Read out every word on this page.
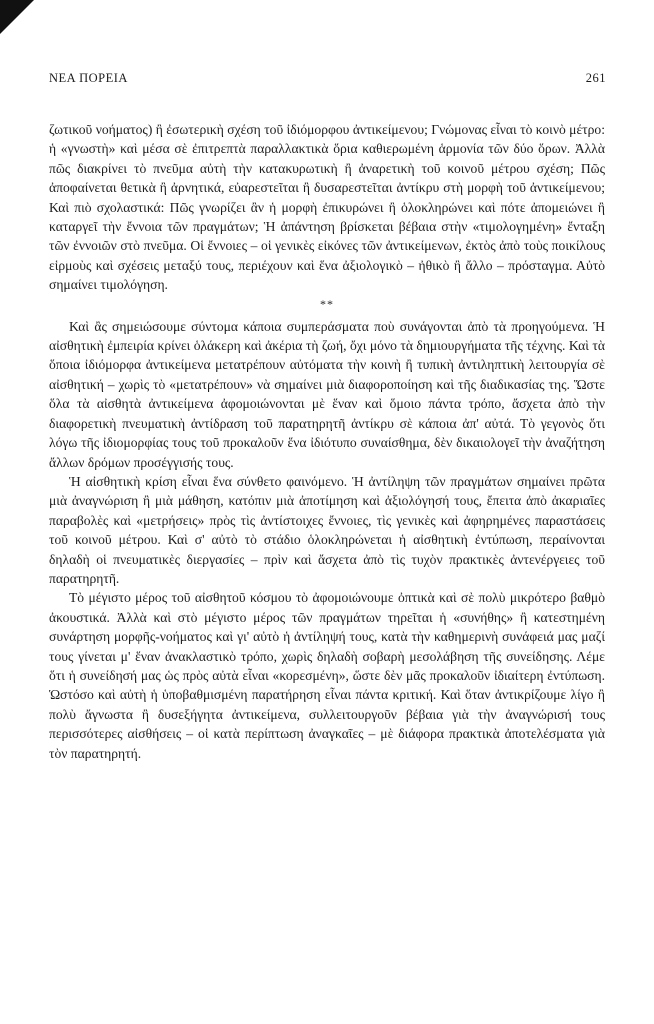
ΝΕΑ ΠΟΡΕΙΑ	261

ζωτικοῦ νοήματος) ἢ ἐσωτερικὴ σχέση τοῦ ἰδιόμορφου ἀντικείμενου; Γνώμονας εἶναι τὸ κοινὸ μέτρο: ἡ «γνωστὴ» καὶ μέσα σὲ ἐπιτρεπτὰ παραλλακτικὰ ὅρια καθιερωμένη ἁρμονία τῶν δύο ὅρων. Ἀλλὰ πῶς διακρίνει τὸ πνεῦμα αὐτὴ τὴν κατακυρωτικὴ ἢ ἀναρετικὴ τοῦ κοινοῦ μέτρου σχέση; Πῶς ἀποφαίνεται θετικὰ ἢ ἀρνητικά, εὐαρεστεῖται ἢ δυσαρεστεῖται ἀντίκρυ στὴ μορφὴ τοῦ ἀντικείμενου; Καὶ πιὸ σχολαστικά: Πῶς γνωρίζει ἂν ἡ μορφὴ ἐπικυρώνει ἢ ὁλοκληρώνει καὶ πότε ἀπομειώνει ἢ καταργεῖ τὴν ἔννοια τῶν πραγμάτων; Ἡ ἀπάντηση βρίσκεται βέβαια στὴν «τιμολογημένη» ἔνταξη τῶν ἐννοιῶν στὸ πνεῦμα. Οἱ ἔννοιες – οἱ γενικὲς εἰκόνες τῶν ἀντικείμενων, ἐκτὸς ἀπὸ τοὺς ποικίλους εἱρμοὺς καὶ σχέσεις μεταξύ τους, περιέχουν καὶ ἕνα ἀξιολογικὸ – ἠθικὸ ἢ ἄλλο – πρόσταγμα. Αὐτὸ σημαίνει τιμολόγηση.

**

Καὶ ἂς σημειώσουμε σύντομα κάποια συμπεράσματα ποὺ συνάγονται ἀπὸ τὰ προηγούμενα. Ἡ αἰσθητικὴ ἐμπειρία κρίνει ὁλάκερη καὶ ἀκέρια τὴ ζωή, ὄχι μόνο τὰ δημιουργήματα τῆς τέχνης. Καὶ τὰ ὅποια ἰδιόμορφα ἀντικείμενα μετατρέπουν αὐτόματα τὴν κοινὴ ἢ τυπικὴ ἀντιληπτικὴ λειτουργία σὲ αἰσθητική – χωρὶς τὸ «μετατρέπουν» νὰ σημαίνει μιὰ διαφοροποίηση καὶ τῆς διαδικασίας της. Ὥστε ὅλα τὰ αἰσθητὰ ἀντικείμενα ἀφομοιώνονται μὲ ἕναν καὶ ὅμοιο πάντα τρόπο, ἄσχετα ἀπὸ τὴν διαφορετικὴ πνευματικὴ ἀντίδραση τοῦ παρατηρητῆ ἀντίκρυ σὲ κάποια ἀπ' αὐτά. Τὸ γεγονὸς ὅτι λόγω τῆς ἰδιομορφίας τους τοῦ προκαλοῦν ἕνα ἰδιότυπο συναίσθημα, δὲν δικαιολογεῖ τὴν ἀναζήτηση ἄλλων δρόμων προσέγγισής τους.

Ἡ αἰσθητικὴ κρίση εἶναι ἕνα σύνθετο φαινόμενο. Ἡ ἀντίληψη τῶν πραγμάτων σημαίνει πρῶτα μιὰ ἀναγνώριση ἢ μιὰ μάθηση, κατόπιν μιὰ ἀποτίμηση καὶ ἀξιολόγησή τους, ἔπειτα ἀπὸ ἀκαριαῖες παραβολὲς καὶ «μετρήσεις» πρὸς τὶς ἀντίστοιχες ἔννοιες, τὶς γενικὲς καὶ ἀφηρημένες παραστάσεις τοῦ κοινοῦ μέτρου. Καὶ σ' αὐτὸ τὸ στάδιο ὁλοκληρώνεται ἡ αἰσθητικὴ ἐντύπωση, περαίνονται δηλαδὴ οἱ πνευματικὲς διεργασίες – πρὶν καὶ ἄσχετα ἀπὸ τὶς τυχὸν πρακτικὲς ἀντενέργειες τοῦ παρατηρητῆ.

Τὸ μέγιστο μέρος τοῦ αἰσθητοῦ κόσμου τὸ ἀφομοιώνουμε ὀπτικὰ καὶ σὲ πολὺ μικρότερο βαθμὸ ἀκουστικά. Ἀλλὰ καὶ στὸ μέγιστο μέρος τῶν πραγμάτων τηρεῖται ἡ «συνήθης» ἢ κατεστημένη συνάρτηση μορφῆς-νοήματος καὶ γι' αὐτὸ ἡ ἀντίληψή τους, κατὰ τὴν καθημερινὴ συνάφειά μας μαζί τους γίνεται μ' ἕναν ἀνακλαστικὸ τρόπο, χωρὶς δηλαδὴ σοβαρὴ μεσολάβηση τῆς συνείδησης. Λέμε ὅτι ἡ συνείδησή μας ὡς πρὸς αὐτὰ εἶναι «κορεσμένη», ὥστε δὲν μᾶς προκαλοῦν ἰδιαίτερη ἐντύπωση. Ὡστόσο καὶ αὐτὴ ἡ ὑποβαθμισμένη παρατήρηση εἶναι πάντα κριτική. Καὶ ὅταν ἀντικρίζουμε λίγο ἢ πολὺ ἄγνωστα ἢ δυσεξήγητα ἀντικείμενα, συλλειτουργοῦν βέβαια γιὰ τὴν ἀναγνώρισή τους περισσότερες αἰσθήσεις – οἱ κατὰ περίπτωση ἀναγκαῖες – μὲ διάφορα πρακτικὰ ἀποτελέσματα γιὰ τὸν παρατηρητή.
